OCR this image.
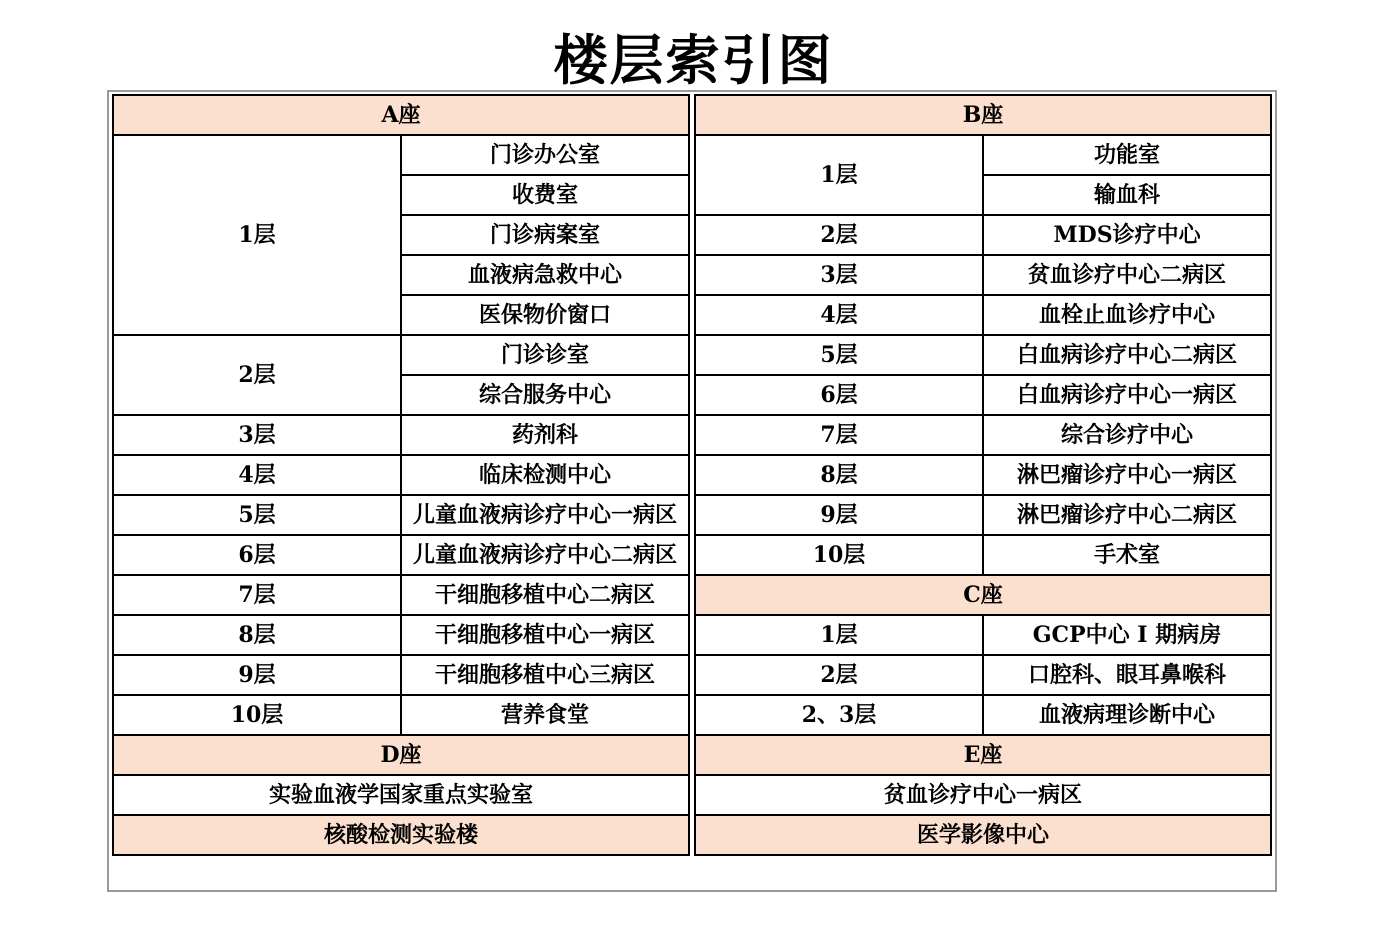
楼层索引图
A座	
1层	门诊办公室
	收费室
	门诊病案室
	血液病急救中心
	医保物价窗口
2层	门诊诊室
	综合服务中心
3层	药剂科
4层	临床检测中心
5层	儿童血液病诊疗中心一病区
6层	儿童血液病诊疗中心二病区
7层	干细胞移植中心二病区
8层	干细胞移植中心一病区
9层	干细胞移植中心三病区
10层	营养食堂
D座	
实验血液学国家重点实验室	
核酸检测实验楼	
B座	
1层	功能室
	输血科
2层	MDS诊疗中心
3层	贫血诊疗中心二病区
4层	血栓止血诊疗中心
5层	白血病诊疗中心二病区
6层	白血病诊疗中心一病区
7层	综合诊疗中心
8层	淋巴瘤诊疗中心一病区
9层	淋巴瘤诊疗中心二病区
10层	手术室
C座	
1层	GCP中心 I 期病房
2层	口腔科、眼耳鼻喉科
2、3层	血液病理诊断中心
E座	
贫血诊疗中心一病区	
医学影像中心	
